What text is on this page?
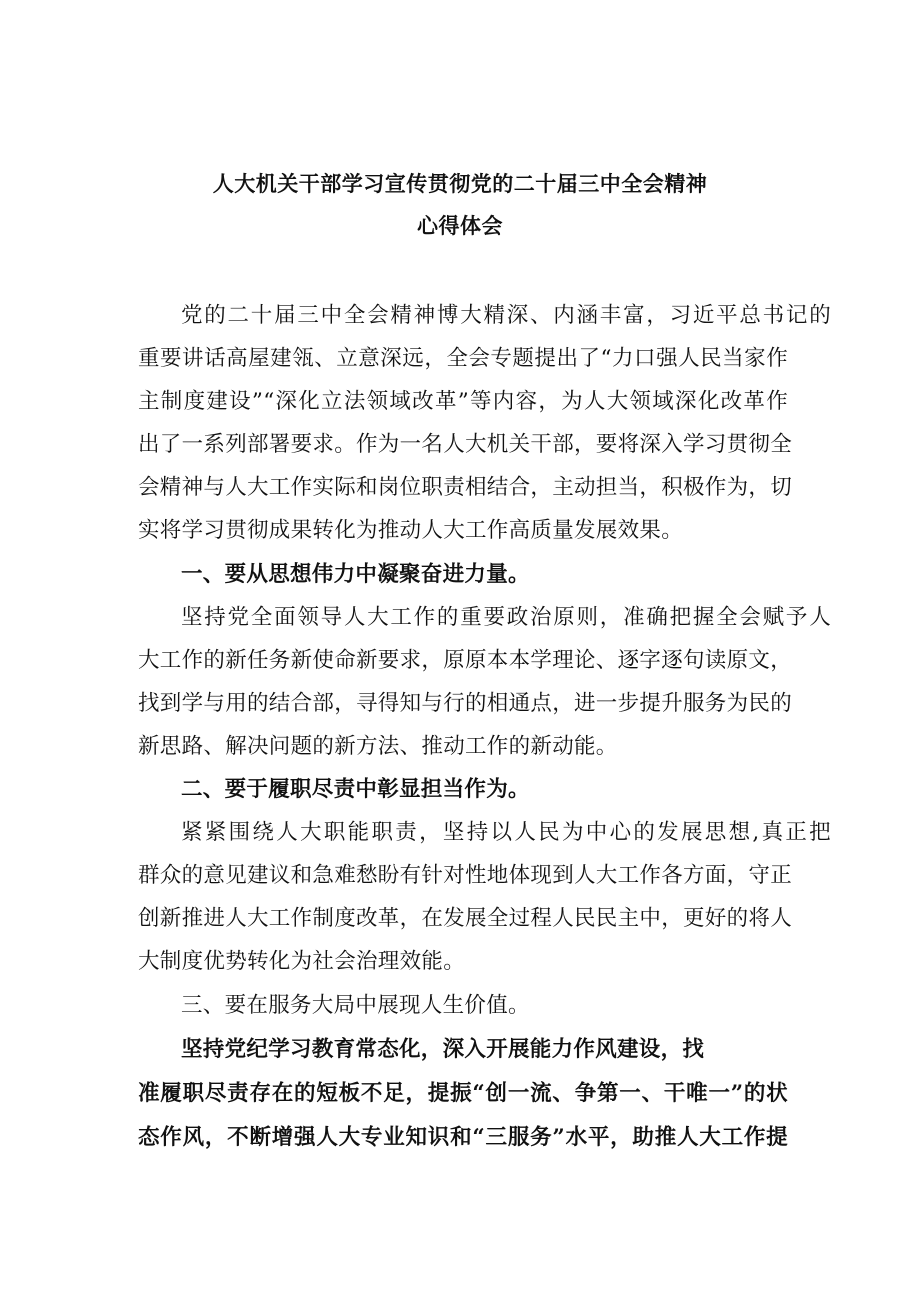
人大机关干部学习宣传贯彻党的二十届三中全会精神
心得体会
党的二十届三中全会精神博大精深、内涵丰富，习近平总书记的
重要讲话高屋建瓴、立意深远，全会专题提出了“力口强人民当家作
主制度建设”“深化立法领域改革”等内容，为人大领域深化改革作
出了一系列部署要求。作为一名人大机关干部，要将深入学习贯彻全
会精神与人大工作实际和岗位职责相结合，主动担当，积极作为，切
实将学习贯彻成果转化为推动人大工作高质量发展效果。
一、要从思想伟力中凝聚奋进力量。
坚持党全面领导人大工作的重要政治原则，准确把握全会赋予人
大工作的新任务新使命新要求，原原本本学理论、逐字逐句读原文，
找到学与用的结合部，寻得知与行的相通点，进一步提升服务为民的
新思路、解决问题的新方法、推动工作的新动能。
二、要于履职尽责中彰显担当作为。
紧紧围绕人大职能职责，坚持以人民为中心的发展思想,真正把
群众的意见建议和急难愁盼有针对性地体现到人大工作各方面，守正
创新推进人大工作制度改革，在发展全过程人民民主中，更好的将人
大制度优势转化为社会治理效能。
三、要在服务大局中展现人生价值。
坚持党纪学习教育常态化，深入开展能力作风建设，找
准履职尽责存在的短板不足，提振“创一流、争第一、干唯一”的状
态作风，不断增强人大专业知识和“三服务”水平，助推人大工作提
